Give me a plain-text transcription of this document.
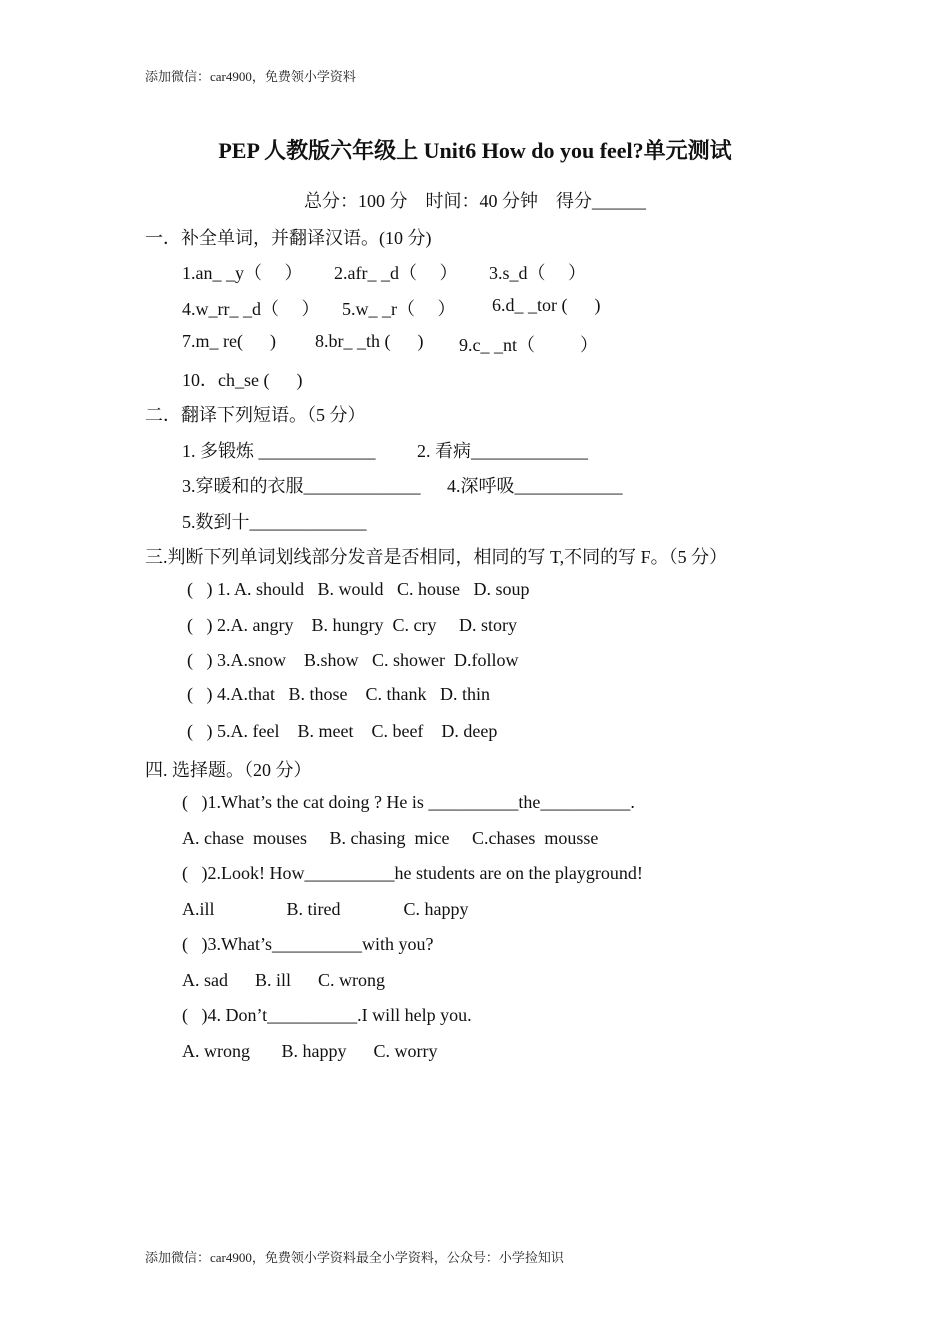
添加微信：car4900，免费领小学资料
PEP 人教版六年级上 Unit6 How do you feel?单元测试
总分：100 分    时间：40 分钟    得分______
一．补全单词，并翻译汉语。(10 分)
1.an_ _y（     ） 2.afr_ _d（     ） 3.s_d（     ）
4.w_rr_ _d（     ） 5.w_ _r（     ） 6.d_ _tor (      )
7.m_ re(      ) 8.br_ _th (      ) 9.c_ _nt（          ）
10．ch_se (      )
二．翻译下列短语。（5 分）
1. 多锻炼 _____________ 2. 看病_____________
3.穿暖和的衣服_____________ 4.深呼吸____________
5.数到十_____________
三.判断下列单词划线部分发音是否相同，相同的写 T,不同的写 F。（5 分）
(   ) 1. A. should   B. would   C. house   D. soup
(   ) 2.A. angry    B. hungry  C. cry     D. story
(   ) 3.A.snow    B.show   C. shower  D.follow
(   ) 4.A.that   B. those    C. thank   D. thin
(   ) 5.A. feel    B. meet    C. beef    D. deep
四. 选择题。（20 分）
(   )1.What’s the cat doing ? He is __________the__________.
A. chase  mouses     B. chasing  mice     C.chases  mousse
(   )2.Look! How__________he students are on the playground!
A.ill                B. tired              C. happy
(   )3.What’s__________with you?
A. sad      B. ill      C. wrong
(   )4. Don’t__________.I will help you.
A. wrong       B. happy      C. worry
添加微信：car4900，免费领小学资料最全小学资料，公众号：小学捡知识
